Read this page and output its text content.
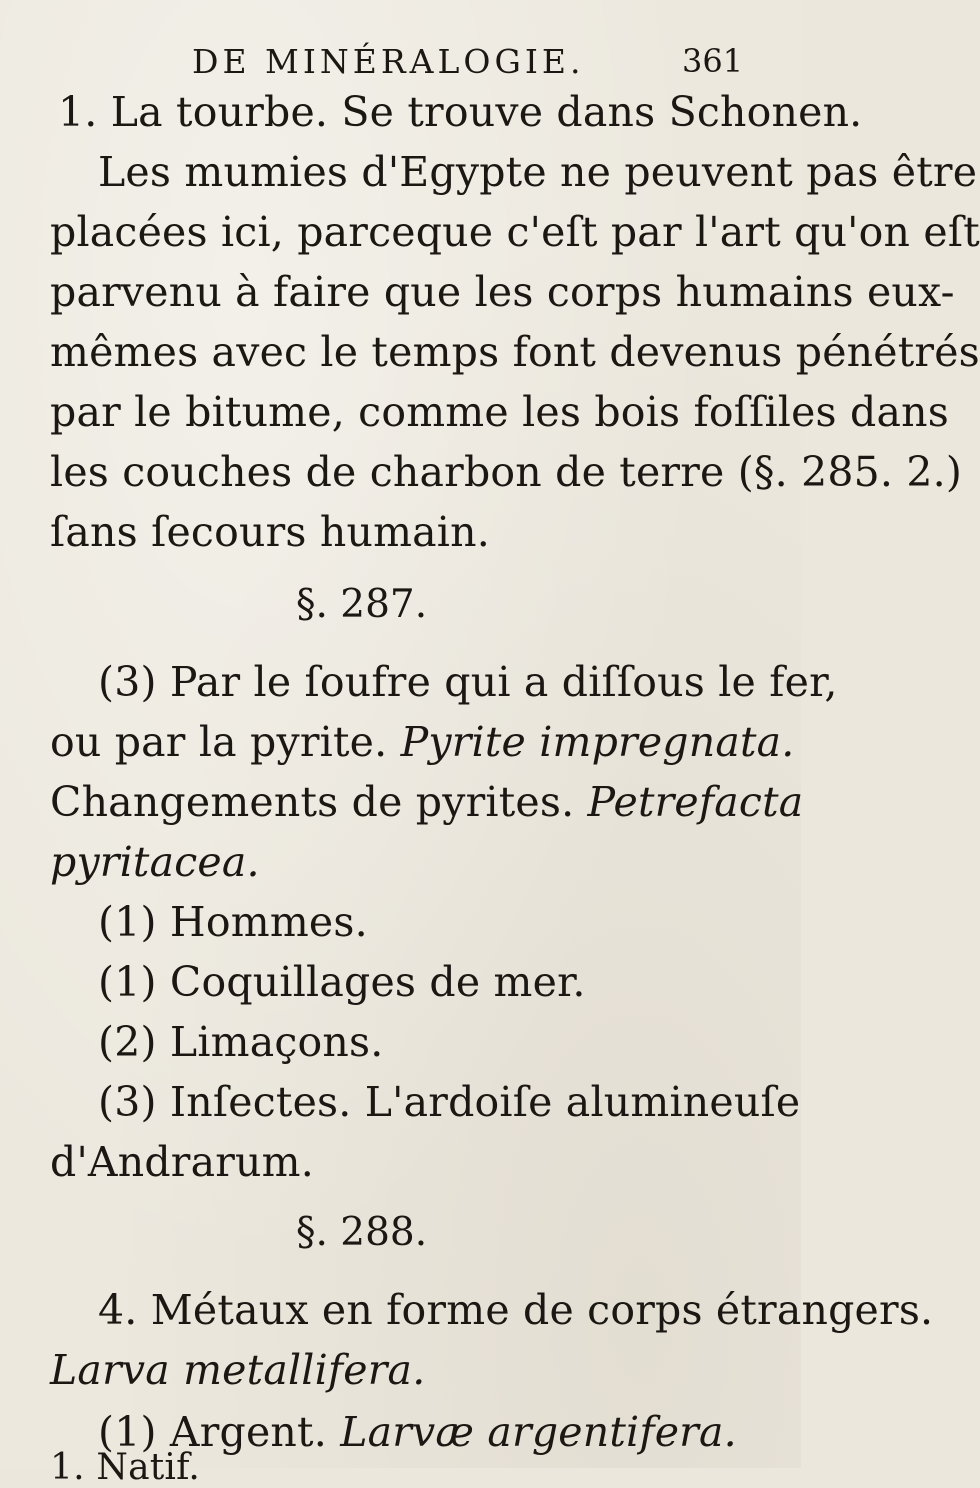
DE MINÉRALOGIE.	361
1. La tourbe. Se trouve dans Schonen.
Les mumies d'Egypte ne peuvent pas être
placées ici, parceque c'eſt par l'art qu'on eſt
parvenu à faire que les corps humains eux-
mêmes avec le temps font devenus pénétrés
par le bitume, comme les bois foſſiles dans
les couches de charbon de terre (§. 285. 2.)
ſans ſecours humain.
§. 287.
(3) Par le ſoufre qui a diſſous le fer,
ou par la pyrite. Pyrite impregnata.
Changements de pyrites. Petrefacta
pyritacea.
(1) Hommes.
(1) Coquillages de mer.
(2) Limaçons.
(3) Inſectes. L'ardoiſe alumineuſe
d'Andrarum.
§. 288.
4. Métaux en forme de corps étrangers.
Larva metallifera.
(1) Argent. Larvæ argentifera.
1. Natif.
